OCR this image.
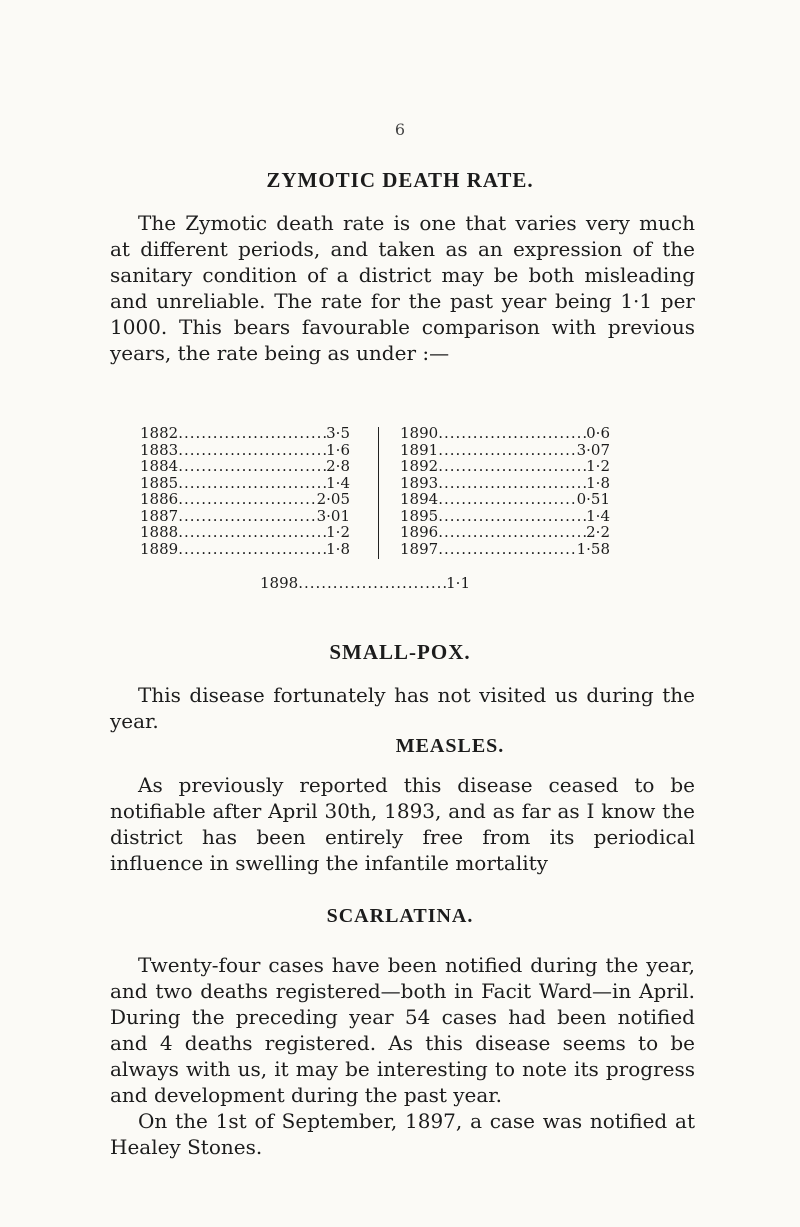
6
ZYMOTIC DEATH RATE.

The Zymotic death rate is one that varies very much at different periods, and taken as an expression of the sanitary condition of a district may be both misleading and unreliable. The rate for the past year being 1·1 per 1000. This bears favourable comparison with previous years, the rate being as under :—

1882 .....	3·5
1883 .....	1·6
1884 .....	2·8
1885 .....	1·4
1886 .....	2·05
1887 .....	3·01
1888 .....	1·2
1889 .....	1·8
1890 .....	0·6
1891 .....	3·07
1892 .....	1·2
1893 .....	1·8
1894 .....	0·51
1895 .....	1·4
1896 .....	2·2
1897 .....	1·58
1898 .....	1·1
SMALL-POX.

This disease fortunately has not visited us during the year.

MEASLES.

As previously reported this disease ceased to be notifiable after April 30th, 1893, and as far as I know the district has been entirely free from its periodical influence in swelling the infantile mortality

SCARLATINA.

Twenty-four cases have been notified during the year, and two deaths registered—both in Facit Ward—in April. During the preceding year 54 cases had been notified and 4 deaths registered. As this disease seems to be always with us, it may be interesting to note its progress and development during the past year.

On the 1st of September, 1897, a case was notified at Healey Stones.
